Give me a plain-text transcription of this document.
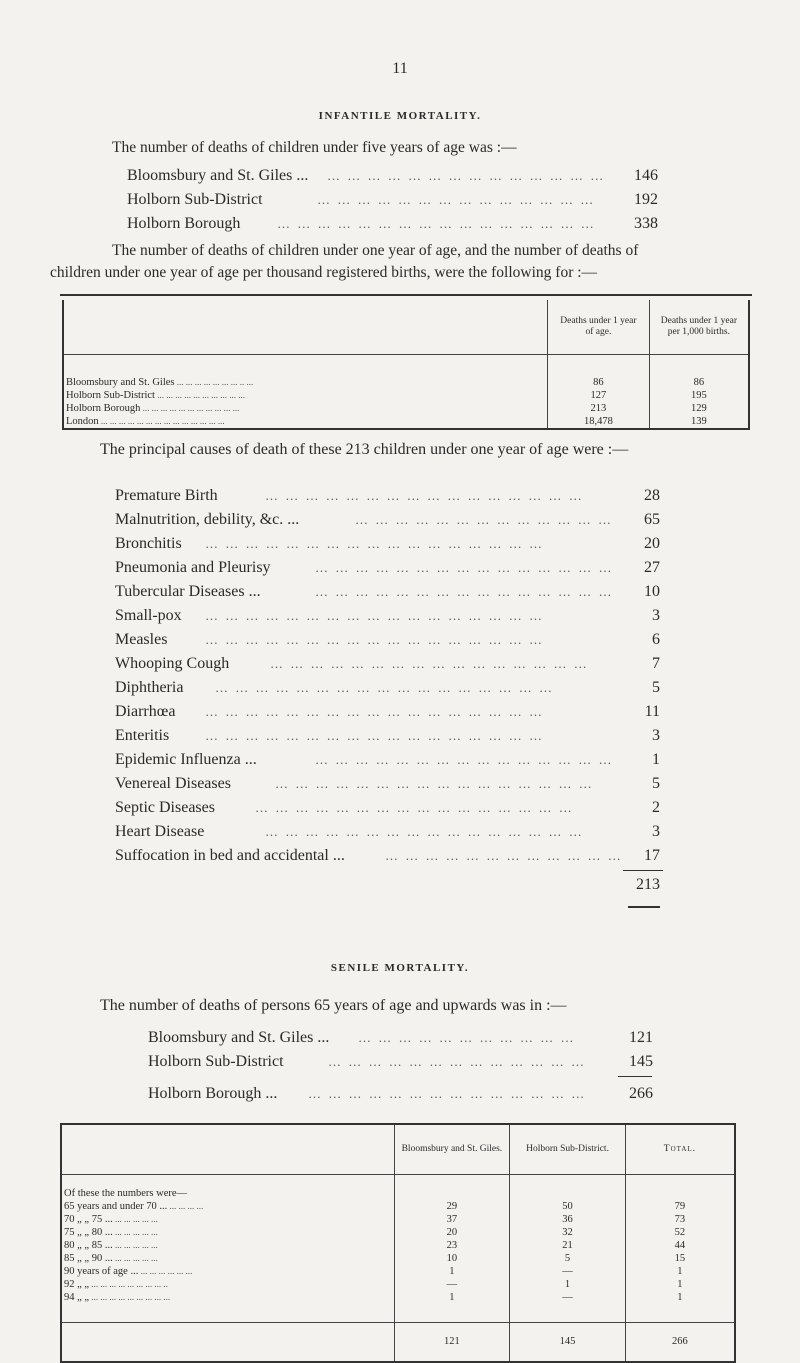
11
INFANTILE MORTALITY.
The number of deaths of children under five years of age was :—
Bloomsbury and St. Giles ... … … … … … … … … … … … … … …	146
Holborn Sub-District	… … … … … … … … … … … … … …	192
Holborn Borough	… … … … … … … … … … … … … … … …	338
The number of deaths of children under one year of age, and the number of deaths of
children under one year of age per thousand registered births, were the following for :—
	Deaths under 1 year of age.	Deaths under 1 year per 1,000 births.

Bloomsbury and St. Giles ... ... ... ... ... ... ... .. ...	86	86
Holborn Sub-District ... ... ... ... ... ... ... ... ... ...	127	195
Holborn Borough ... ... ... ... ... ... ... ... ... ... ...	213	129
London ... ... ... ... ... ... ... ... ... ... ... ... ... ...	18,478	139
The principal causes of death of these 213 children under one year of age were :—
Premature Birth	… … … … … … … … … … … … … … … …	28
Malnutrition, debility, &c. ...	… … … … … … … … … … … … …	65
Bronchitis … … … … … … … … … … … … … … … … …	20
Pneumonia and Pleurisy	… … … … … … … … … … … … … … …	27
Tubercular Diseases ...	… … … … … … … … … … … … … … …	10
Small-pox … … … … … … … … … … … … … … … … …	3
Measles	… … … … … … … … … … … … … … … … …	6
Whooping Cough	… … … … … … … … … … … … … … … …	7
Diphtheria … … … … … … … … … … … … … … … … …	5
Diarrhœa … … … … … … … … … … … … … … … … …	11
Enteritis	… … … … … … … … … … … … … … … … …	3
Epidemic Influenza ...	… … … … … … … … … … … … … … …	1
Venereal Diseases	… … … … … … … … … … … … … … … …	5
Septic Diseases	… … … … … … … … … … … … … … … …	2
Heart Disease	… … … … … … … … … … … … … … … …	3
Suffocation in bed and accidental ...	… … … … … … … … … … … … 17
213
SENILE MORTALITY.
The number of deaths of persons 65 years of age and upwards was in :—
Bloomsbury and St. Giles ... … … … … … … … … … … …	121
Holborn Sub-District	… … … … … … … … … … … … …	145
Holborn Borough ... … … … … … … … … … … … … … …	266
	Bloomsbury and St. Giles.	Holborn Sub-District.	Total.
Of these the numbers were—			
65 years and under 70 ... ... ... ... ...	29	50	79
70 „ „ 75 ... ... ... ... ... ...	37	36	73
75 „ „ 80 ... ... ... ... ... ...	20	32	52
80 „ „ 85 ... ... ... ... ... ...	23	21	44
85 „ „ 90 ... ... ... ... ... ...	10	5	15
90 years of age ... ... ... ... ... ... ...	1	—	1
92 „ „ ... ... ... ... ... ... ... ... ..	—	1	1
94 „ „ ... ... ... ... ... ... ... ... ...	1	—	1

	121	145	266
